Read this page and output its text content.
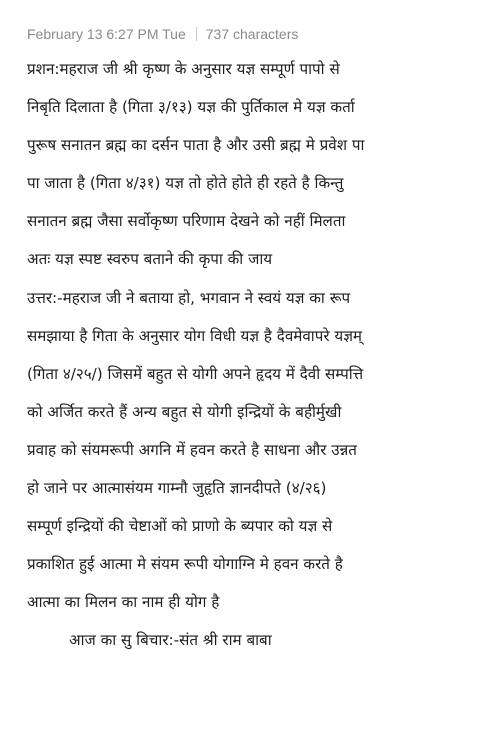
February 13 6:27 PM Tue 737 characters
प्रशन:महराज जी श्री कृष्ण के अनुसार यज्ञ सम्पूर्ण पापो से
निबृति दिलाता है (गिता ३/१३) यज्ञ की पुर्तिकाल मे यज्ञ कर्ता
पुरूष सनातन ब्रह्म का दर्सन पाता है और उसी ब्रह्म मे प्रवेश पा
पा जाता है (गिता ४/३१) यज्ञ तो होते होते ही रहते है किन्तु
सनातन ब्रह्म जैसा सर्वोकृष्ण परिणाम देखने को नहीं मिलता
अतः यज्ञ स्पष्ट स्वरुप बताने की कृपा की जाय
उत्तर:-महराज जी ने बताया हो, भगवान ने स्वयं यज्ञ का रूप
समझाया है गिता के अनुसार योग विधी यज्ञ है दैवमेवापरे यज्ञम्
(गिता ४/२५/) जिसमें बहुत से योगी अपने हृदय में दैवी सम्पत्ति
को अर्जित करते हैं अन्य बहुत से योगी इन्द्रियों के बहीर्मुखी
प्रवाह को संयमरूपी अगनि में हवन करते है साधना और उन्नत
हो जाने पर आत्मासंयम गाम्नौ जुहृति ज्ञानदीपते (४/२६)
सम्पूर्ण इन्द्रियों की चेष्टाओं को प्राणो के ब्यपार को यज्ञ से
प्रकाशित हुई आत्मा मे संयम रूपी योगाग्नि मे हवन करते है
आत्मा का मिलन का नाम ही योग है
आज का सु बिचार:-संत श्री राम बाबा
